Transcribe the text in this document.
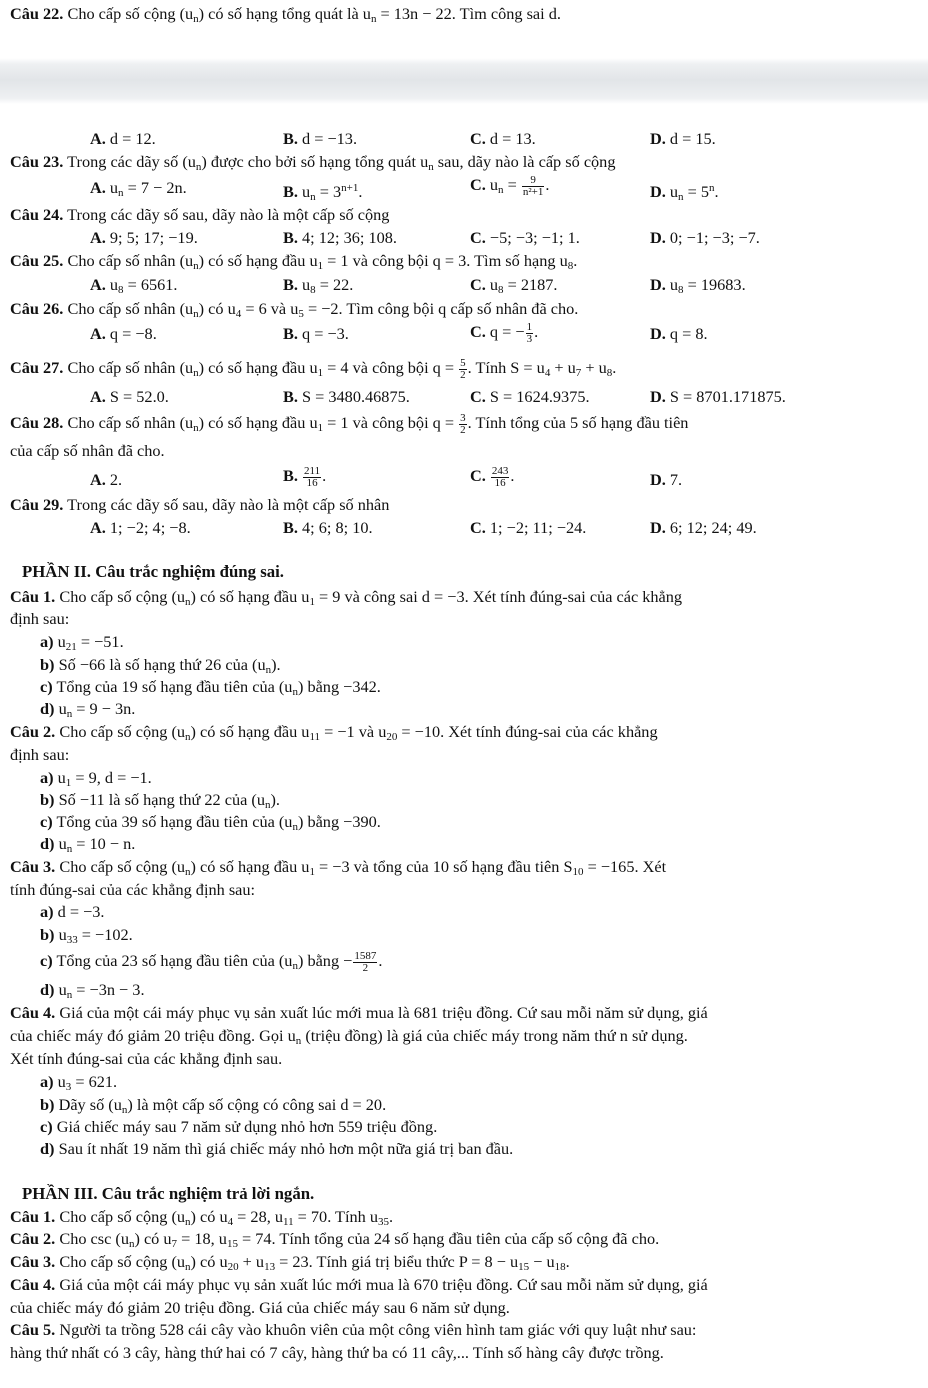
Câu 22. Cho cấp số cộng $(u_n)$ có số hạng tổng quát là $u_n = 13n - 22$. Tìm công sai d.
A. d = 12.	B. d = −13.	C. d = 13.	D. d = 15.
Câu 23. Trong các dãy số $(u_n)$ được cho bởi số hạng tổng quát $u_n$ sau, dãy nào là cấp số cộng
A. $u_n = 7 - 2n$.	B. $u_n = 3^{n+1}$.	C. $u_n = \frac{9}{\text{n²+1}}$ .	D. $u_n = 5^n$.
Câu 24. Trong các dãy số sau, dãy nào là một cấp số cộng
A. 9; 5; 17; −19.	B. 4; 12; 36; 108.	C. −5; −3; −1; 1.	D. 0; −1; −3; −7.
Câu 25. Cho cấp số nhân $(u_n)$ có số hạng đầu $u_1 = 1$ và công bội q = 3. Tìm số hạng $u_8$.
A. $u_8 = 6561$.	B. $u_8 = 22$.	C. $u_8 = 2187$.	D. $u_8 = 19683$.
Câu 26. Cho cấp số nhân $(u_n)$ có $u_4 = 6$ và $u_5 = -2$. Tìm công bội q cấp số nhân đã cho.
A. q = −8.	B. q = −3.	C. q = − $\frac{1}{3}$ .	D. q = 8.
Câu 27. Cho cấp số nhân $(u_n)$ có số hạng đầu $u_1 = 4$ và công bội $q = \frac{5}{2}$ . Tính $S = u_4 + u_7 + u_8$.
A. S = 52.0.	B. S = 3480.46875.	C. S = 1624.9375.	D. S = 8701.171875.
Câu 28. Cho cấp số nhân $(u_n)$ có số hạng đầu $u_1 = 1$ và công bội $q = \frac{3}{2}$ . Tính tổng của 5 số hạng đầu tiên
của cấp số nhân đã cho.
A. 2.	B. $\frac{211}{16}$ .	C. $\frac{243}{16}$ .	D. 7.
Câu 29. Trong các dãy số sau, dãy nào là một cấp số nhân
A. 1; −2; 4; −8.	B. 4; 6; 8; 10.	C. 1; −2; 11; −24.	D. 6; 12; 24; 49.
PHẦN II. Câu trắc nghiệm đúng sai.
Câu 1. Cho cấp số cộng $(u_n)$ có số hạng đầu $u_1 = 9$ và công sai d = −3. Xét tính đúng-sai của các khẳng
định sau:
a) $u_{21} = -51$.
b) Số −66 là số hạng thứ 26 của $(u_n)$.
c) Tổng của 19 số hạng đầu tiên của $(u_n)$ bằng −342.
d) $u_n = 9 - 3n$.
Câu 2. Cho cấp số cộng $(u_n)$ có số hạng đầu $u_{11} = -1$ và $u_{20} = -10$. Xét tính đúng-sai của các khẳng
định sau:
a) $u_1 = 9$, d = −1.
b) Số −11 là số hạng thứ 22 của $(u_n)$.
c) Tổng của 39 số hạng đầu tiên của $(u_n)$ bằng −390.
d) $u_n = 10 - n$.
Câu 3. Cho cấp số cộng $(u_n)$ có số hạng đầu $u_1 = -3$ và tổng của 10 số hạng đầu tiên $S_{10} = -165$. Xét
tính đúng-sai của các khẳng định sau:
a) d = −3.
b) $u_{33} = -102$.
c) Tổng của 23 số hạng đầu tiên của $(u_n)$ bằng − $\frac{1587}{2}$ .
d) $u_n = -3n - 3$.
Câu 4. Giá của một cái máy phục vụ sản xuất lúc mới mua là 681 triệu đồng. Cứ sau mỗi năm sử dụng, giá
của chiếc máy đó giảm 20 triệu đồng. Gọi $u_n$ (triệu đồng) là giá của chiếc máy trong năm thứ n sử dụng.
Xét tính đúng-sai của các khẳng định sau.
a) $u_3 = 621$.
b) Dãy số $(u_n)$ là một cấp số cộng có công sai d = 20.
c) Giá chiếc máy sau 7 năm sử dụng nhỏ hơn 559 triệu đồng.
d) Sau ít nhất 19 năm thì giá chiếc máy nhỏ hơn một nữa giá trị ban đầu.
PHẦN III. Câu trắc nghiệm trả lời ngắn.
Câu 1. Cho cấp số cộng $(u_n)$ có $u_4 = 28$, $u_{11} = 70$. Tính $u_{35}$.
Câu 2. Cho $\csc (u_n)$ có $u_7 = 18$, $u_{15} = 74$. Tính tổng của 24 số hạng đầu tiên của cấp số cộng đã cho.
Câu 3. Cho cấp số cộng $(u_n)$ có $u_{20} + u_{13} = 23$. Tính giá trị biểu thức $P = 8 - u_{15} - u_{18}$.
Câu 4. Giá của một cái máy phục vụ sản xuất lúc mới mua là 670 triệu đồng. Cứ sau mỗi năm sử dụng, giá
của chiếc máy đó giảm 20 triệu đồng. Giá của chiếc máy sau 6 năm sử dụng.
Câu 5. Người ta trồng 528 cái cây vào khuôn viên của một công viên hình tam giác với quy luật như sau:
hàng thứ nhất có 3 cây, hàng thứ hai có 7 cây, hàng thứ ba có 11 cây,... Tính số hàng cây được trồng.
